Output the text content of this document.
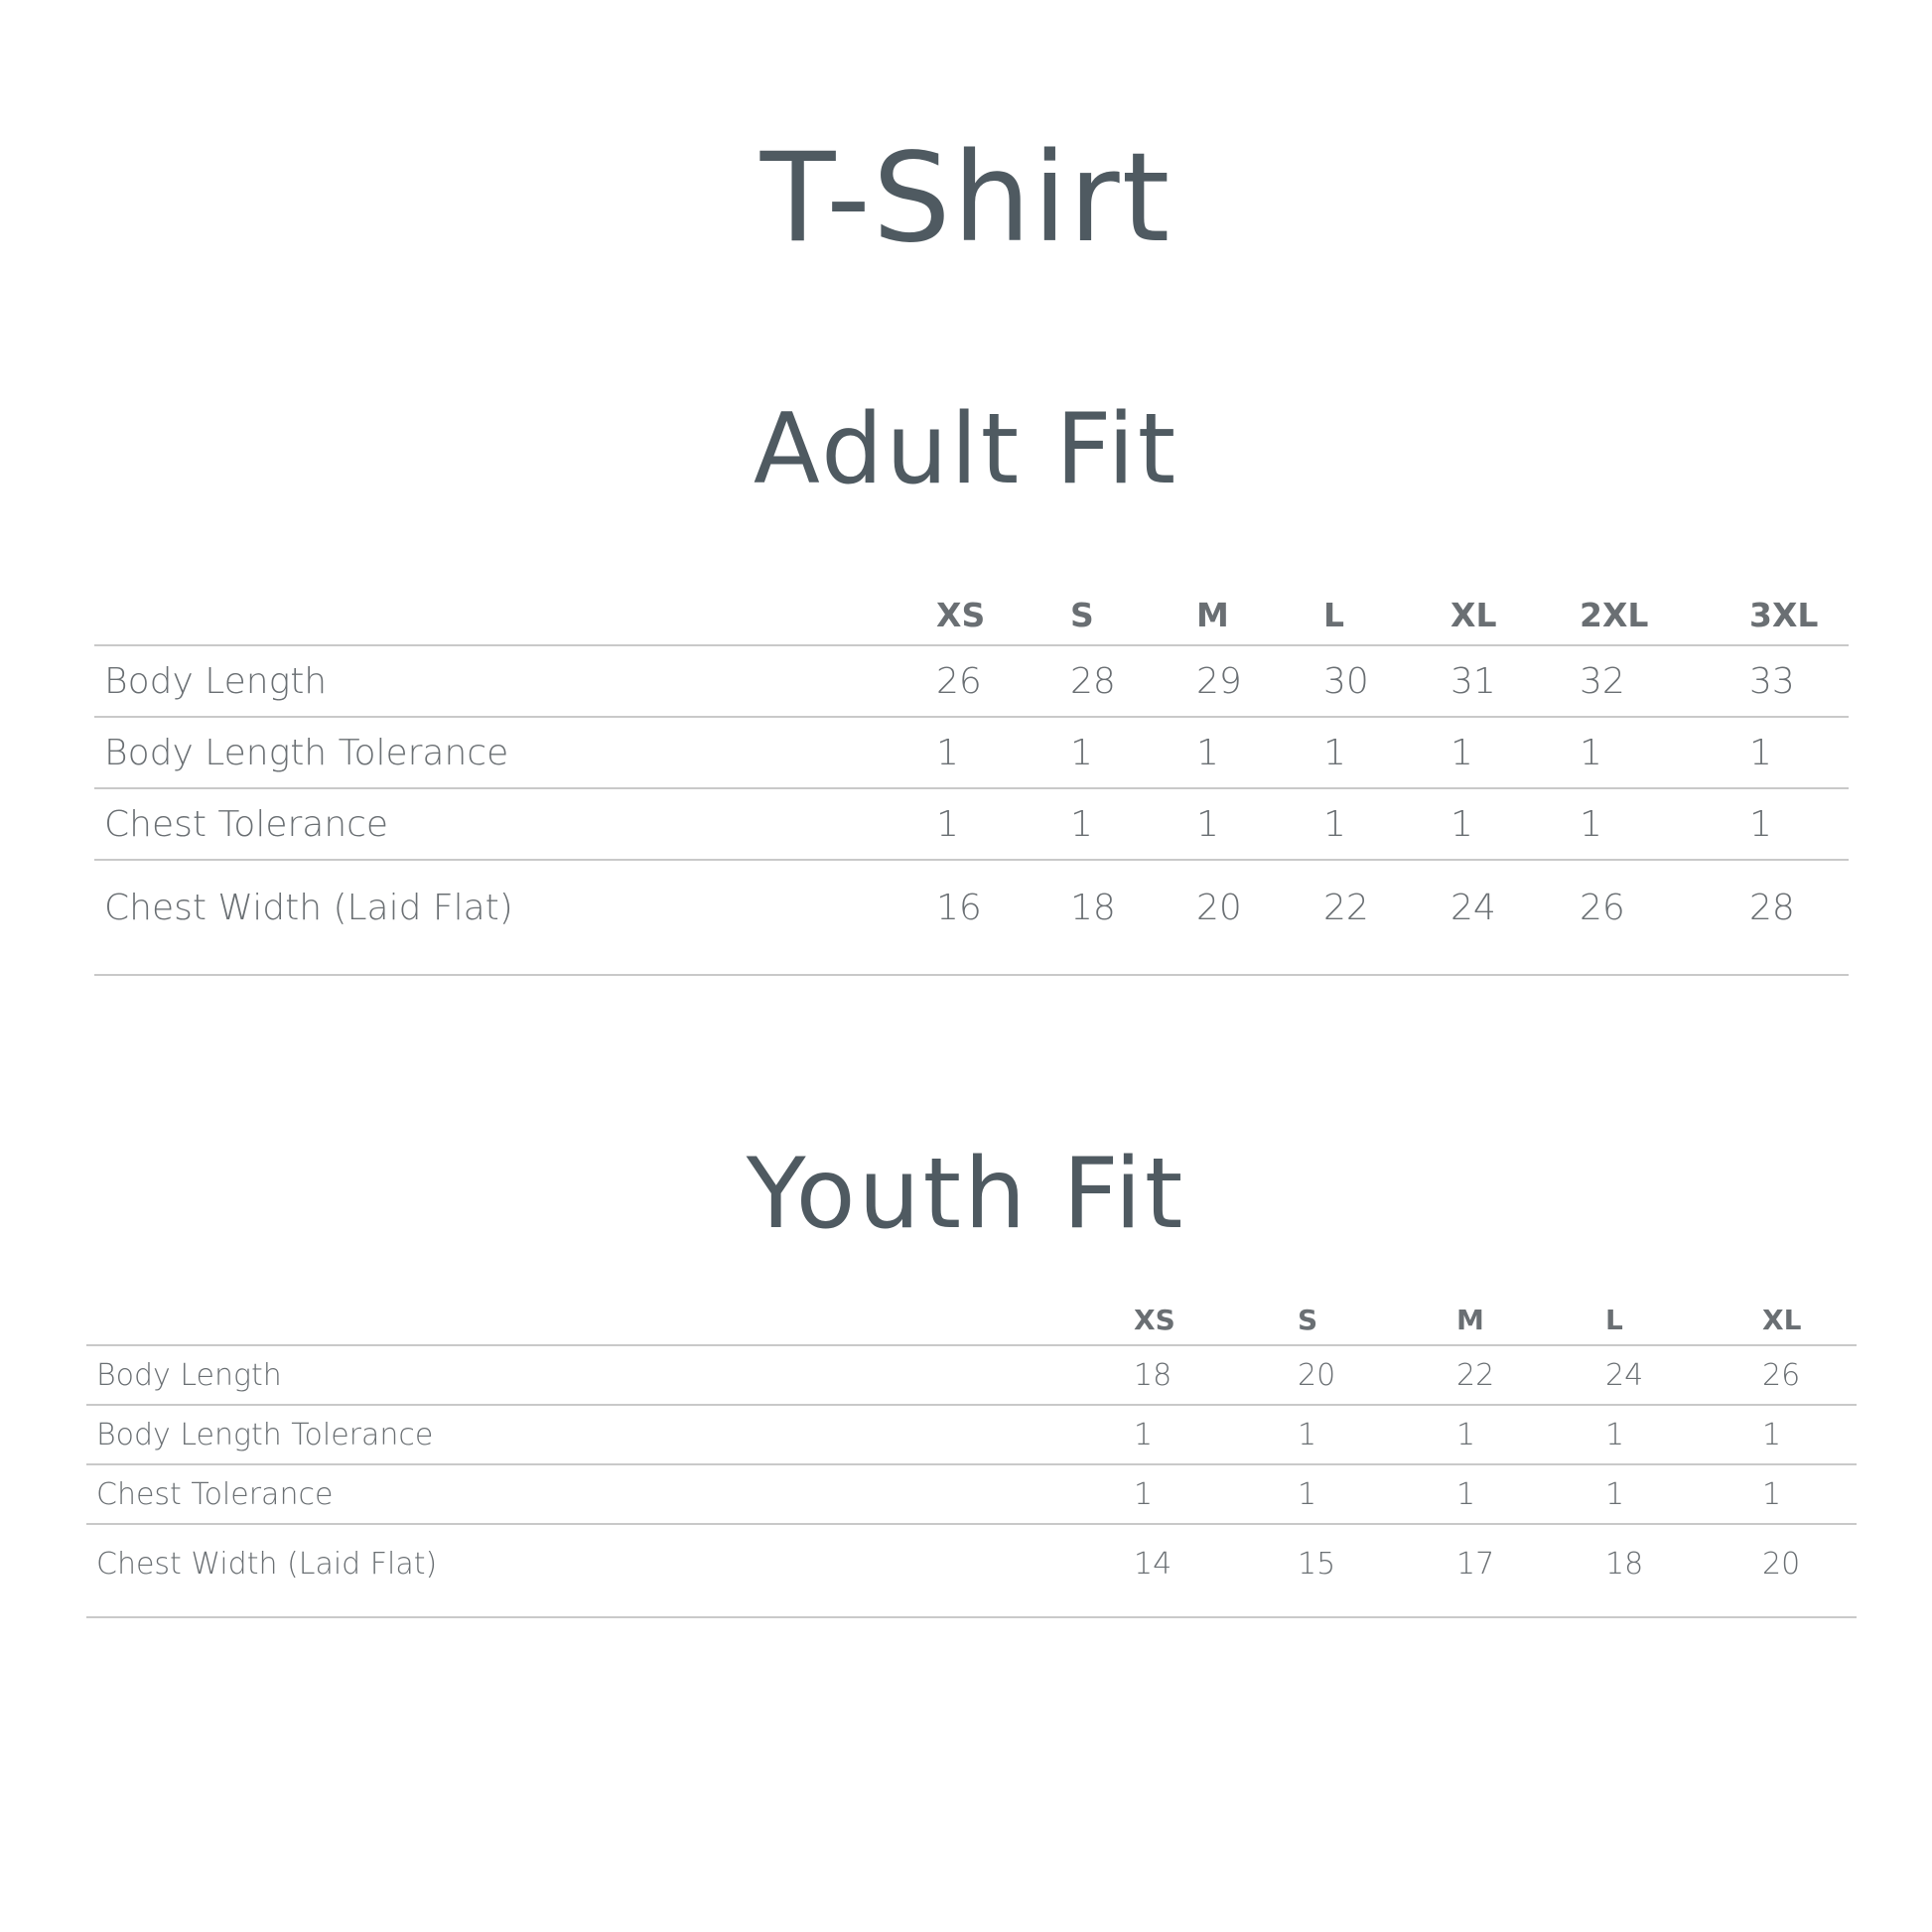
T-Shirt
Adult Fit
	XS	S	M	L	XL	2XL	3XL
Body Length	26	28	29	30	31	32	33
Body Length Tolerance	1	1	1	1	1	1	1
Chest Tolerance	1	1	1	1	1	1	1
Chest Width (Laid Flat)	16	18	20	22	24	26	28
Youth Fit
	XS	S	M	L	XL
Body Length	18	20	22	24	26
Body Length Tolerance	1	1	1	1	1
Chest Tolerance	1	1	1	1	1
Chest Width (Laid Flat)	14	15	17	18	20
